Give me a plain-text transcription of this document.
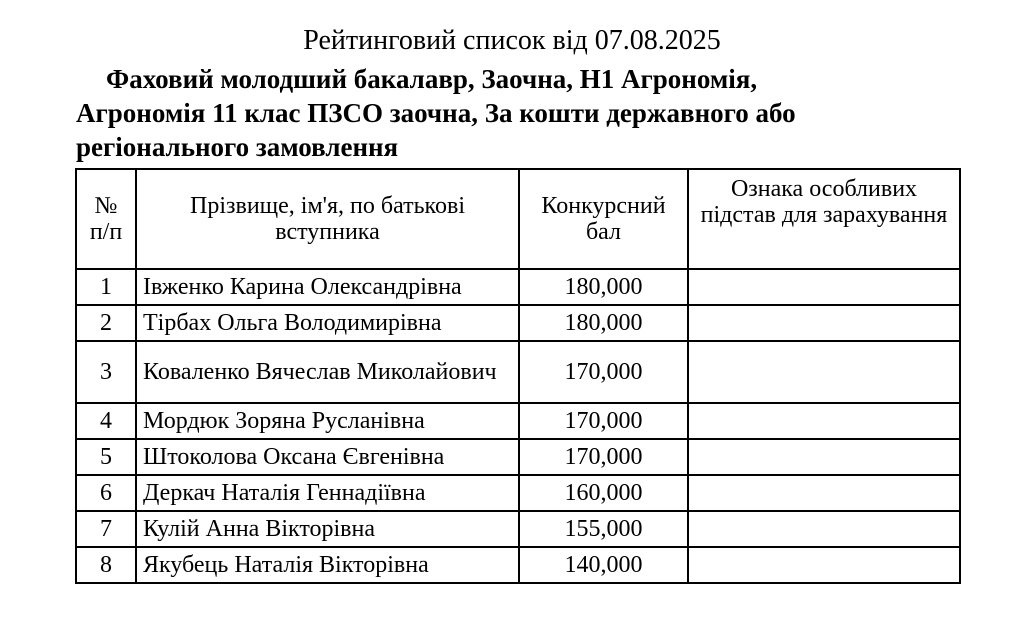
Рейтинговий список від 07.08.2025
Фаховий молодший бакалавр, Заочна, H1 Агрономія,
Агрономія 11 клас ПЗСО заочна, За кошти державного або
регіонального замовлення
№ п/п	Прізвище, ім'я, по батькові вступника	Конкурсний бал	Ознака особливих підстав для зарахування
1	Івженко Карина Олександрівна	180,000	
2	Тірбах Ольга Володимирівна	180,000	
3	Коваленко Вячеслав Миколайович	170,000	
4	Мордюк Зоряна Русланівна	170,000	
5	Штоколова Оксана Євгенівна	170,000	
6	Деркач Наталія Геннадіївна	160,000	
7	Кулій Анна Вікторівна	155,000	
8	Якубець Наталія Вікторівна	140,000	
